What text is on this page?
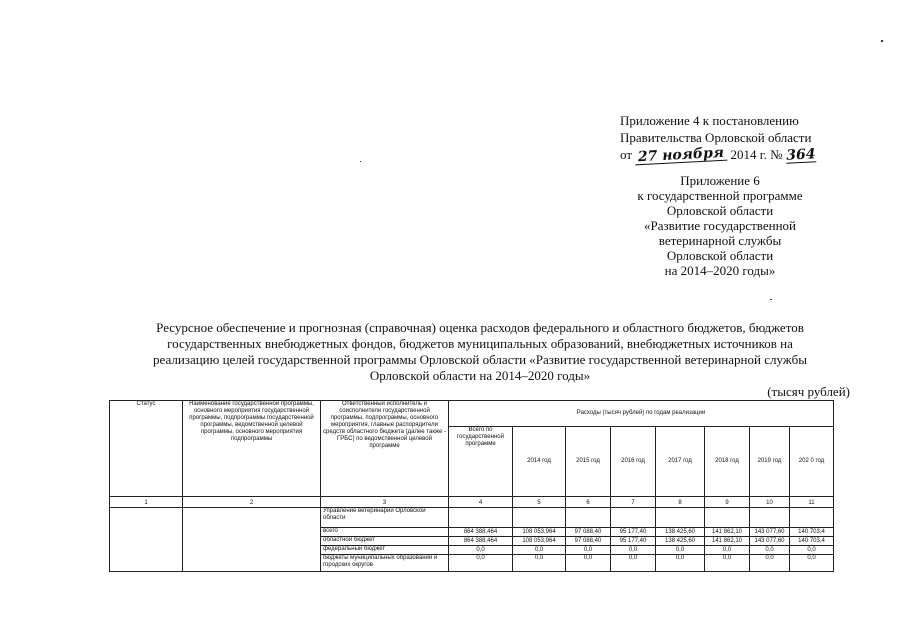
Приложение 4 к постановлению
Правительства Орловской области
от 27 ноября 2014 г. № 364
Приложение 6
к государственной программе
Орловской области
«Развитие государственной
ветеринарной службы
Орловской области
на 2014–2020 годы»
Ресурсное обеспечение и прогнозная (справочная) оценка расходов федерального и областного бюджетов, бюджетов
государственных внебюджетных фондов, бюджетов муниципальных образований, внебюджетных источников на
реализацию целей государственной программы Орловской области «Развитие государственной ветеринарной службы
Орловской области на 2014–2020 годы»
(тысяч рублей)
Статус	Наименование государственной программы, основного мероприятия государственной программы, подпрограммы государственной программы, ведомственной целевой программы, основного мероприятия подпрограммы	Ответственный исполнитель и соисполнители государственной программы, подпрограммы, основного мероприятия, главные распорядители средств областного бюджета (далее также - ГРБС) по ведомственной целевой программе	Расходы (тысяч рублей) по годам реализации							
			Всего по государственной программе	2014 год	2015 год	2016 год	2017 год	2018 год	2019 год	202 0 год
1	2	3	4	5	6	7	8	9	10	11
		Управление ветеринарии Орловской области								
		всего	864 388,464	108 053,964	97 088,40	95 177,40	138 425,60	141 862,10	143 077,60	140 703,4
		областной бюджет	864 388,464	108 053,964	97 088,40	95 177,40	138 425,60	141 862,10	143 077,60	140 703,4
		федеральный бюджет	0,0	0,0	0,0	0,0	0,0	0,0	0,0	0,0
		бюджеты муниципальных образований и городских округов	0,0	0,0	0,0	0,0	0,0	0,0	0,0	0,0
